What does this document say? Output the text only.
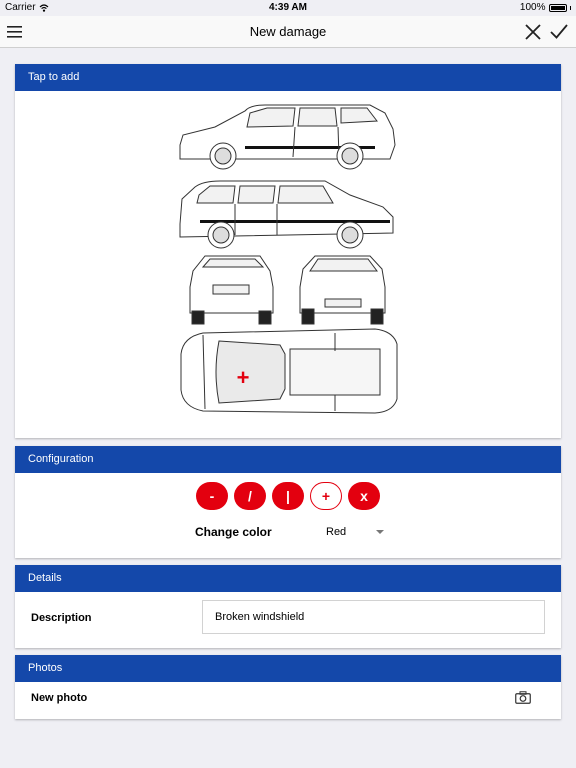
Carrier	4:39 AM	100%
New damage
Tap to add
+
Configuration
-	/	|	+	x
Change color	Red
Details
Description	Broken windshield
Photos
New photo
